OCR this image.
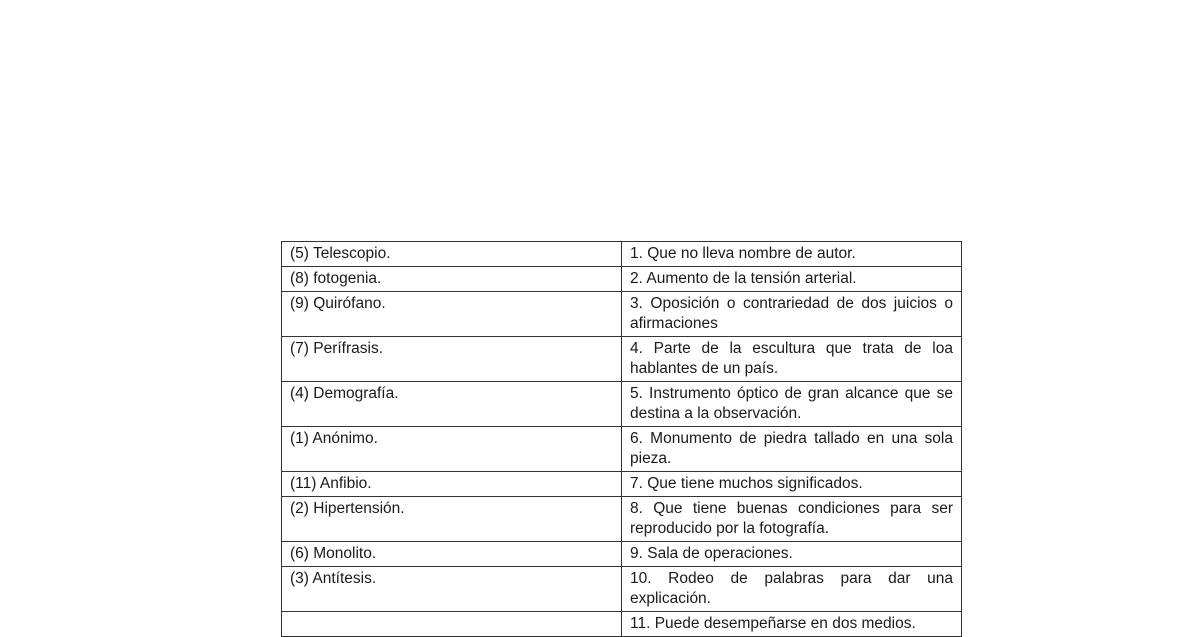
(5) Telescopio.	1. Que no lleva nombre de autor.
(8) fotogenia.	2. Aumento de la tensión arterial.
(9) Quirófano.	3. Oposición o contrariedad de dos juicios o afirmaciones
(7) Perífrasis.	4. Parte de la escultura que trata de loa hablantes de un país.
(4) Demografía.	5. Instrumento óptico de gran alcance que se destina a la observación.
(1) Anónimo.	6. Monumento de piedra tallado en una sola pieza.
(11) Anfibio.	7. Que tiene muchos significados.
(2) Hipertensión.	8. Que tiene buenas condiciones para ser reproducido por la fotografía.
(6) Monolito.	9. Sala de operaciones.
(3) Antítesis.	10. Rodeo de palabras para dar una explicación.
	11. Puede desempeñarse en dos medios.
